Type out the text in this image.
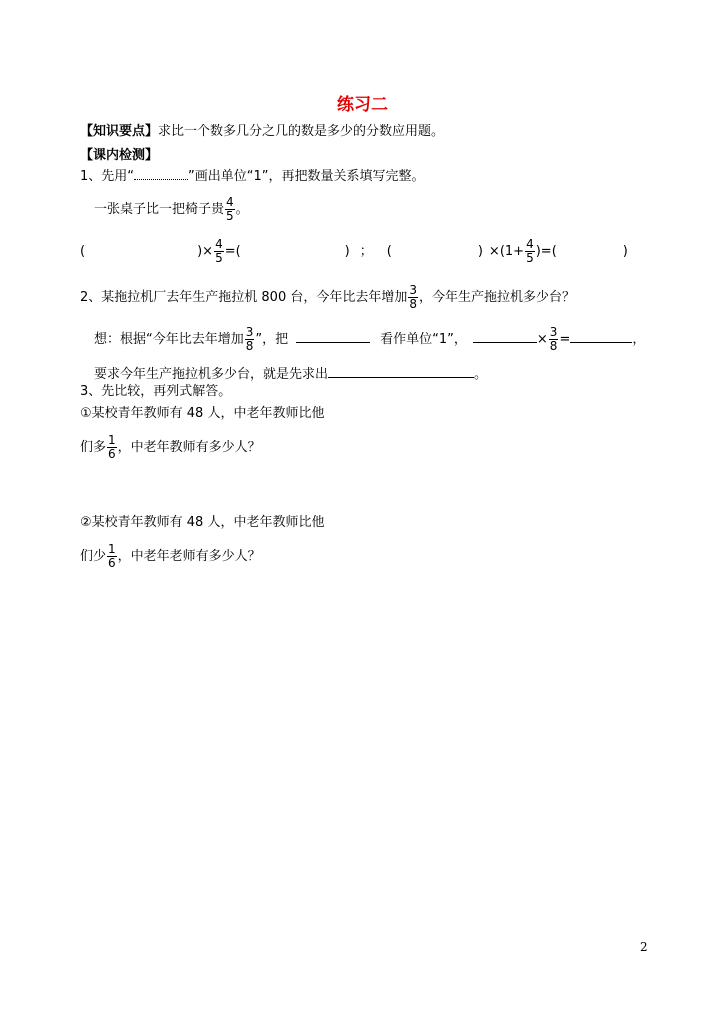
练习二
【知识要点】求比一个数多几分之几的数是多少的分数应用题。
【课内检测】
1、先用“	”画出单位“1”，再把数量关系填写完整。
一张桌子比一把椅子贵 $\frac{4}{5}$ 。
(	)× $\frac{4}{5}$ =(	) ； (	) $\times(1+ \frac{4}{5}$ )=(	)
2、某拖拉机厂去年生产拖拉机 800 台，今年比去年增加 $\frac{3}{8}$ ，今年生产拖拉机多少台？
想：根据“今年比去年增加 $\frac{3}{8}$ ”，把	看作单位“1”，	× $\frac{3}{8}$ =	，
要求今年生产拖拉机多少台，就是先求出	。
3、先比较，再列式解答。
①某校青年教师有 48 人，中老年教师比他
们多 $\frac{1}{6}$ ，中老年教师有多少人？
②某校青年教师有 48 人，中老年教师比他
们少 $\frac{1}{6}$ ，中老年老师有多少人？
2
